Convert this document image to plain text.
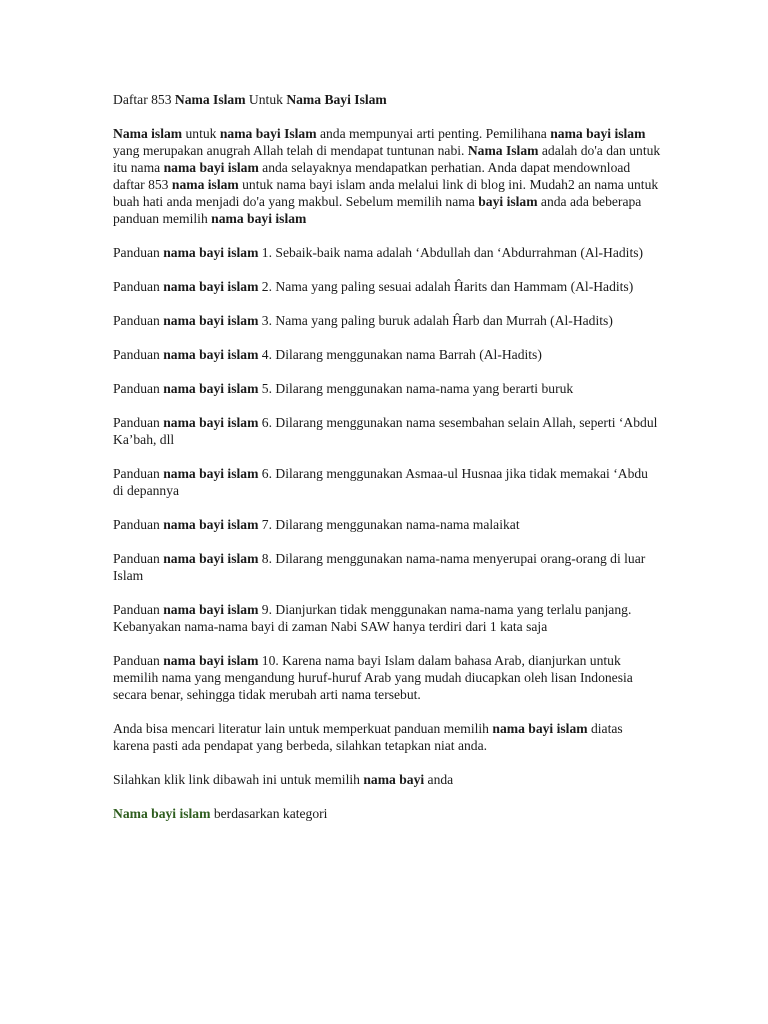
Daftar 853 Nama Islam Untuk Nama Bayi Islam

Nama islam untuk nama bayi Islam anda mempunyai arti penting. Pemilihana nama bayi islam yang merupakan anugrah Allah telah di mendapat tuntunan nabi. Nama Islam adalah do'a dan untuk itu nama nama bayi islam anda selayaknya mendapatkan perhatian. Anda dapat mendownload daftar 853 nama islam untuk nama bayi islam anda melalui link di blog ini. Mudah2 an nama untuk buah hati anda menjadi do'a yang makbul. Sebelum memilih nama bayi islam anda ada beberapa panduan memilih nama bayi islam

Panduan nama bayi islam 1. Sebaik-baik nama adalah ‘Abdullah dan ‘Abdurrahman (Al-Hadits)

Panduan nama bayi islam 2. Nama yang paling sesuai adalah Ĥarits dan Hammam (Al-Hadits)

Panduan nama bayi islam 3. Nama yang paling buruk adalah Ĥarb dan Murrah (Al-Hadits)

Panduan nama bayi islam 4. Dilarang menggunakan nama Barrah (Al-Hadits)

Panduan nama bayi islam 5. Dilarang menggunakan nama-nama yang berarti buruk

Panduan nama bayi islam 6. Dilarang menggunakan nama sesembahan selain Allah, seperti ‘Abdul Ka’bah, dll

Panduan nama bayi islam 6. Dilarang menggunakan Asmaa-ul Husnaa jika tidak memakai ‘Abdu di depannya

Panduan nama bayi islam 7. Dilarang menggunakan nama-nama malaikat

Panduan nama bayi islam 8. Dilarang menggunakan nama-nama menyerupai orang-orang di luar Islam

Panduan nama bayi islam 9. Dianjurkan tidak menggunakan nama-nama yang terlalu panjang. Kebanyakan nama-nama bayi di zaman Nabi SAW hanya terdiri dari 1 kata saja

Panduan nama bayi islam 10. Karena nama bayi Islam dalam bahasa Arab, dianjurkan untuk memilih nama yang mengandung huruf-huruf Arab yang mudah diucapkan oleh lisan Indonesia secara benar, sehingga tidak merubah arti nama tersebut.

Anda bisa mencari literatur lain untuk memperkuat panduan memilih nama bayi islam diatas karena pasti ada pendapat yang berbeda, silahkan tetapkan niat anda.

Silahkan klik link dibawah ini untuk memilih nama bayi anda

Nama bayi islam berdasarkan kategori
